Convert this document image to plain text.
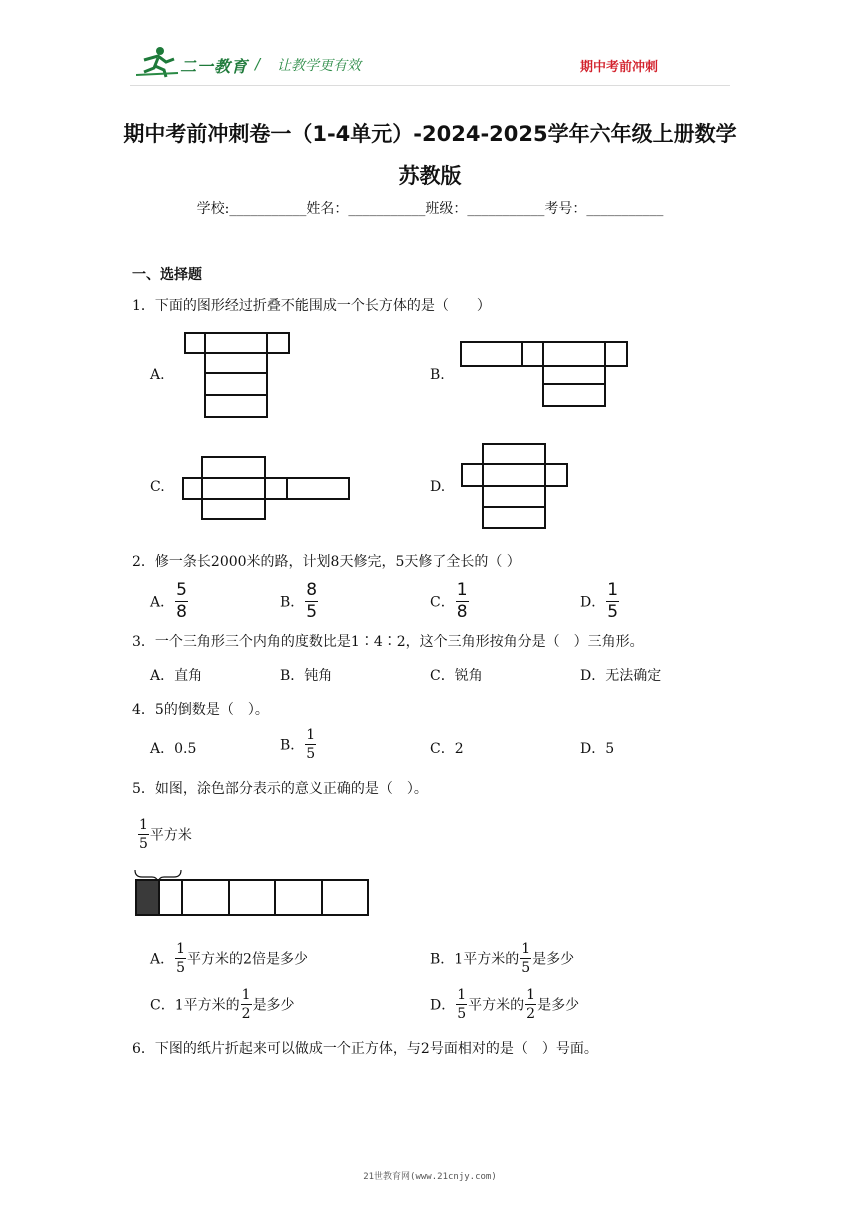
二一教育 / 让教学更有效	期中考前冲刺
期中考前冲刺卷一（1-4单元）-2024-2025学年六年级上册数学
苏教版
学校:___________姓名：___________班级：___________考号：___________
一、选择题
1．下面的图形经过折叠不能围成一个长方体的是（　　）
A.	B.
C.	D.
2．修一条长2000米的路，计划8天修完，5天修了全长的（ ）
A． $\frac{5}{8}$	B． $\frac{8}{5}$	C． $\frac{1}{8}$	D． $\frac{1}{5}$
3．一个三角形三个内角的度数比是1∶4∶2，这个三角形按角分是（　）三角形。
A．直角	B．钝角	C．锐角	D．无法确定
4．5的倒数是（　）。
A．0.5	B． $\frac{1}{5}$	C．2	D．5
5．如图，涂色部分表示的意义正确的是（　）。
$\frac{1}{5}$ 平方米
A． $\frac{1}{5}$ 平方米的2倍是多少	B．1平方米的 $\frac{1}{5}$ 是多少
C．1平方米的 $\frac{1}{2}$ 是多少	D． $\frac{1}{5}$ 平方米的 $\frac{1}{2}$ 是多少
6．下图的纸片折起来可以做成一个正方体，与2号面相对的是（　）号面。
21世教育网(www.21cnjy.com)
